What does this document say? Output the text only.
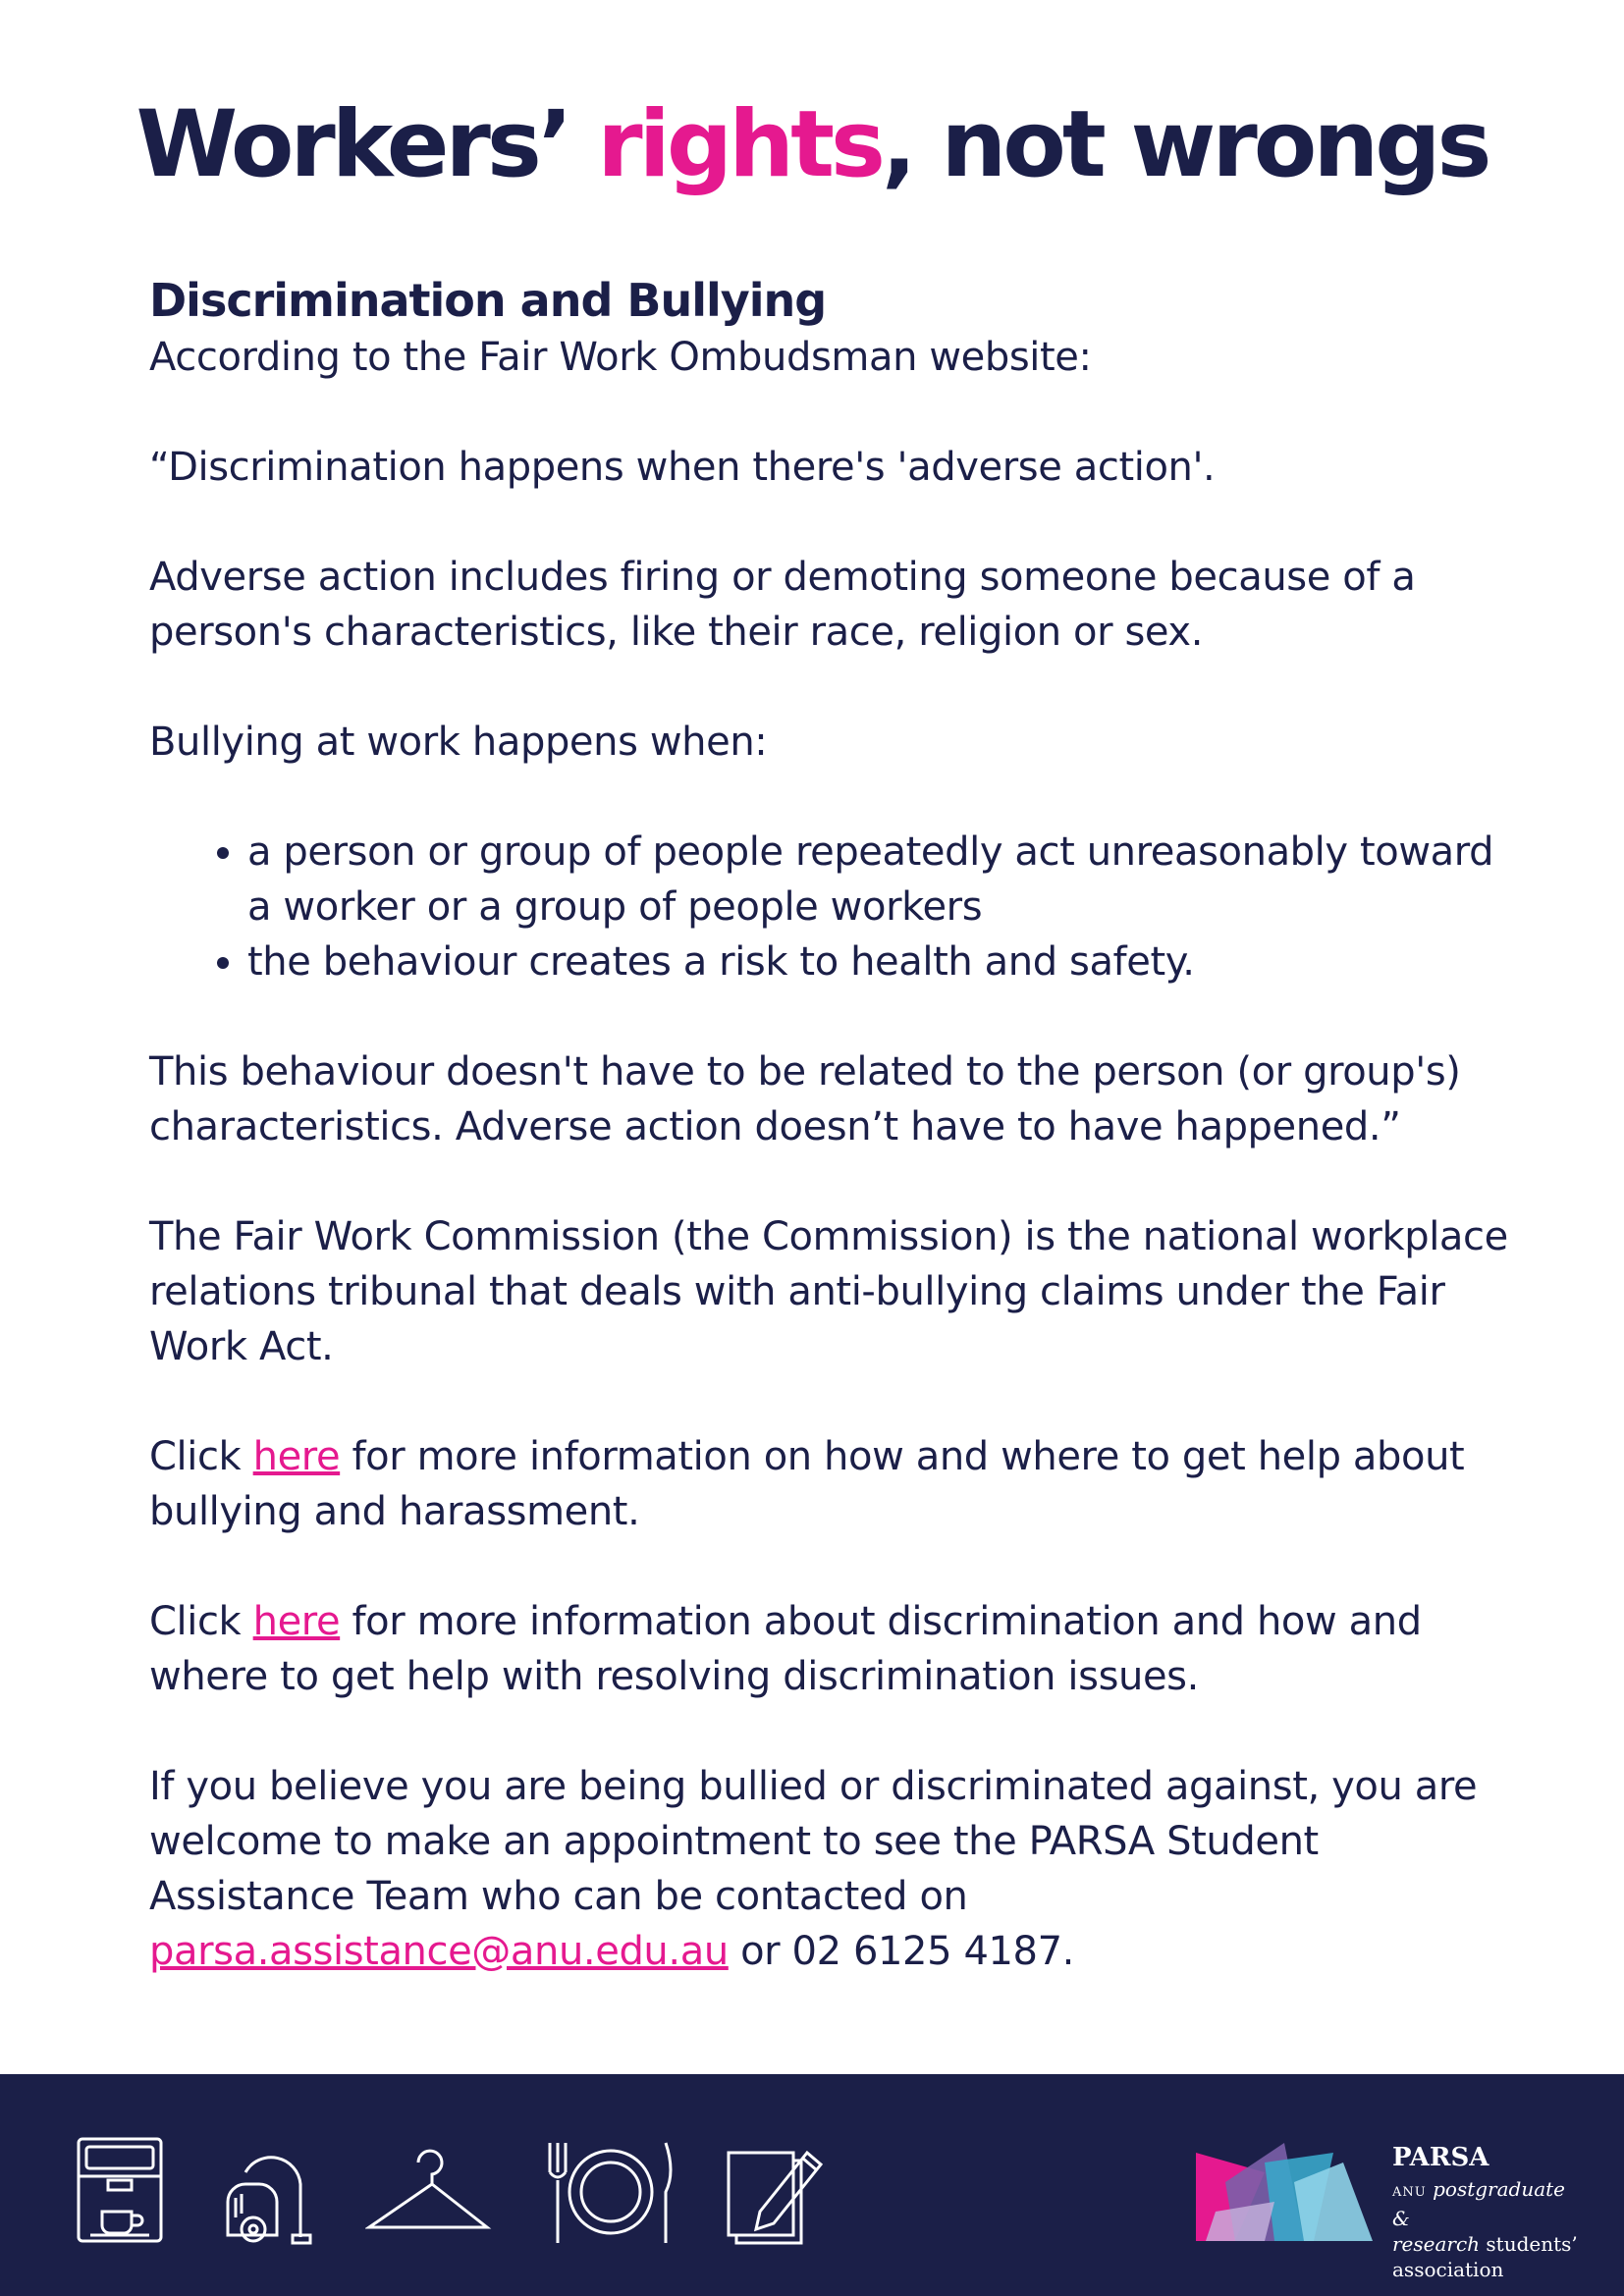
Workers’ rights, not wrongs
Discrimination and Bullying

According to the Fair Work Ombudsman website:

“Discrimination happens when there's 'adverse action'.

Adverse action includes firing or demoting someone because of a person's characteristics, like their race, religion or sex.

Bullying at work happens when:

• a person or group of people repeatedly act unreasonably toward a worker or a group of people workers
• the behaviour creates a risk to health and safety.

This behaviour doesn't have to be related to the person (or group's) characteristics. Adverse action doesn’t have to have happened.”

The Fair Work Commission (the Commission) is the national workplace relations tribunal that deals with anti-bullying claims under the Fair Work Act.

Click here for more information on how and where to get help about bullying and harassment.

Click here for more information about discrimination and how and where to get help with resolving discrimination issues.

If you believe you are being bullied or discriminated against, you are welcome to make an appointment to see the PARSA Student Assistance Team who can be contacted on parsa.assistance@anu.edu.au or 02 6125 4187.

PARSA
ANU postgraduate &
research students’
association
